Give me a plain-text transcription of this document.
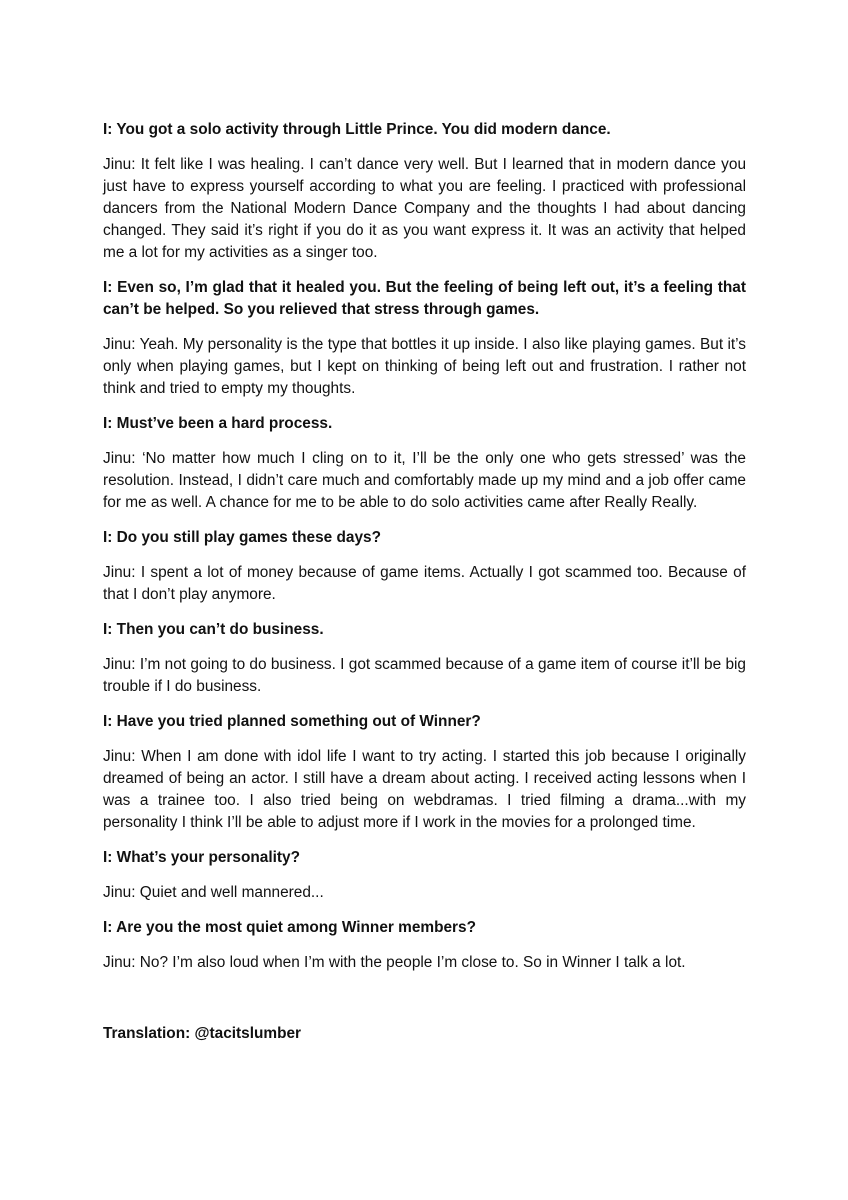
I: You got a solo activity through Little Prince. You did modern dance.

Jinu: It felt like I was healing. I can’t dance very well. But I learned that in modern dance you just have to express yourself according to what you are feeling. I practiced with professional dancers from the National Modern Dance Company and the thoughts I had about dancing changed. They said it’s right if you do it as you want express it. It was an activity that helped me a lot for my activities as a singer too.

I: Even so, I’m glad that it healed you. But the feeling of being left out, it’s a feeling that can’t be helped. So you relieved that stress through games.

Jinu: Yeah. My personality is the type that bottles it up inside. I also like playing games. But it’s only when playing games, but I kept on thinking of being left out and frustration. I rather not think and tried to empty my thoughts.

I: Must’ve been a hard process.

Jinu: ‘No matter how much I cling on to it, I’ll be the only one who gets stressed’ was the resolution. Instead, I didn’t care much and comfortably made up my mind and a job offer came for me as well. A chance for me to be able to do solo activities came after Really Really.

I: Do you still play games these days?

Jinu: I spent a lot of money because of game items. Actually I got scammed too. Because of that I don’t play anymore.

I: Then you can’t do business.

Jinu: I’m not going to do business. I got scammed because of a game item of course it’ll be big trouble if I do business.

I: Have you tried planned something out of Winner?

Jinu: When I am done with idol life I want to try acting. I started this job because I originally dreamed of being an actor. I still have a dream about acting. I received acting lessons when I was a trainee too. I also tried being on webdramas. I tried filming a drama...with my personality I think I’ll be able to adjust more if I work in the movies for a prolonged time.

I: What’s your personality?

Jinu: Quiet and well mannered...

I: Are you the most quiet among Winner members?

Jinu: No? I’m also loud when I’m with the people I’m close to. So in Winner I talk a lot.

Translation: @tacitslumber
